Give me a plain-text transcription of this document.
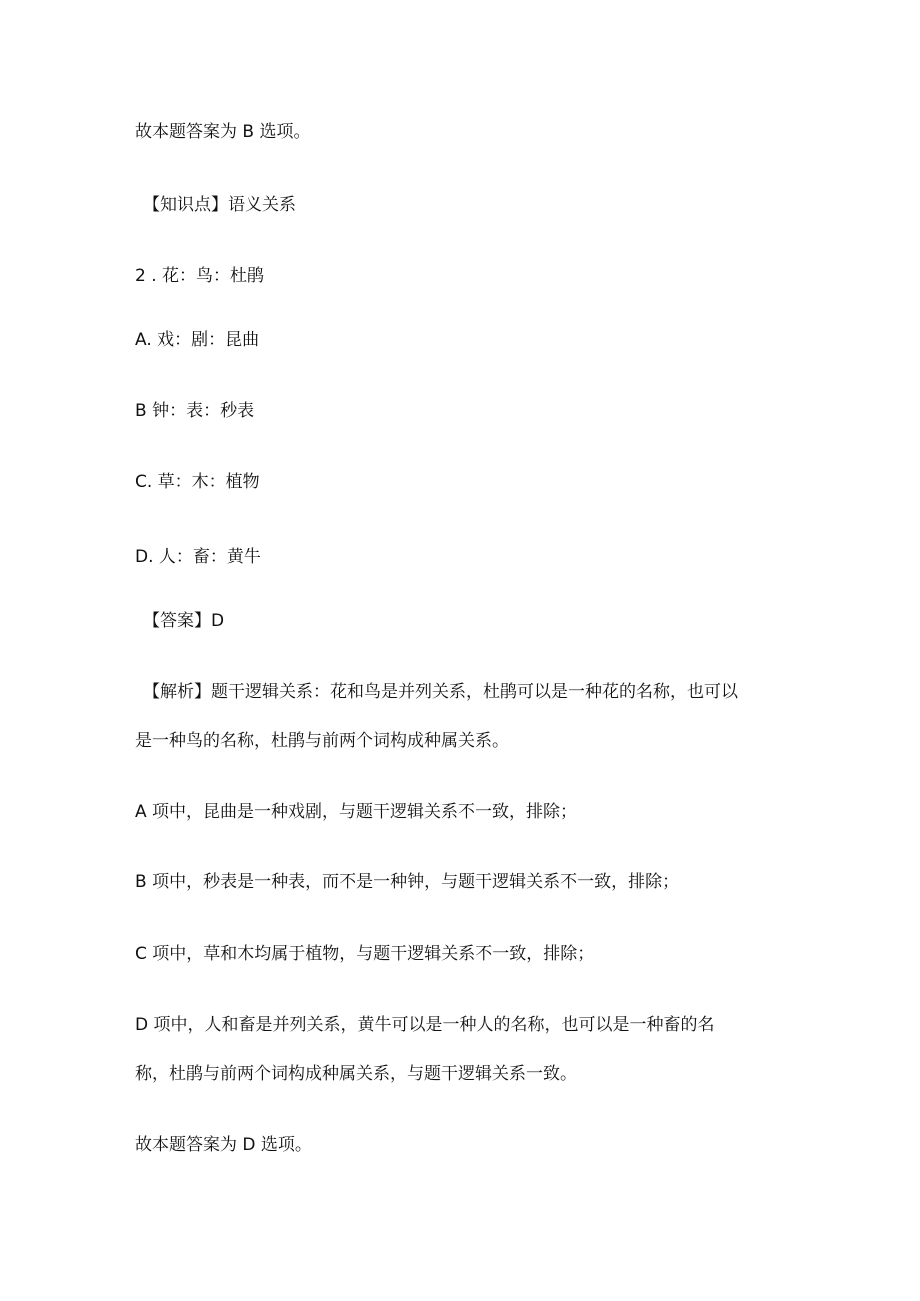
故本题答案为 B 选项。
【知识点】语义关系
2 . 花：鸟：杜鹃
A. 戏：剧：昆曲
B 钟：表：秒表
C. 草：木：植物
D. 人：畜：黄牛
【答案】D
【解析】题干逻辑关系：花和鸟是并列关系，杜鹃可以是一种花的名称，也可以
是一种鸟的名称，杜鹃与前两个词构成种属关系。
A 项中，昆曲是一种戏剧，与题干逻辑关系不一致，排除；
B 项中，秒表是一种表，而不是一种钟，与题干逻辑关系不一致，排除；
C 项中，草和木均属于植物，与题干逻辑关系不一致，排除；
D 项中，人和畜是并列关系，黄牛可以是一种人的名称，也可以是一种畜的名
称，杜鹃与前两个词构成种属关系，与题干逻辑关系一致。
故本题答案为 D 选项。
